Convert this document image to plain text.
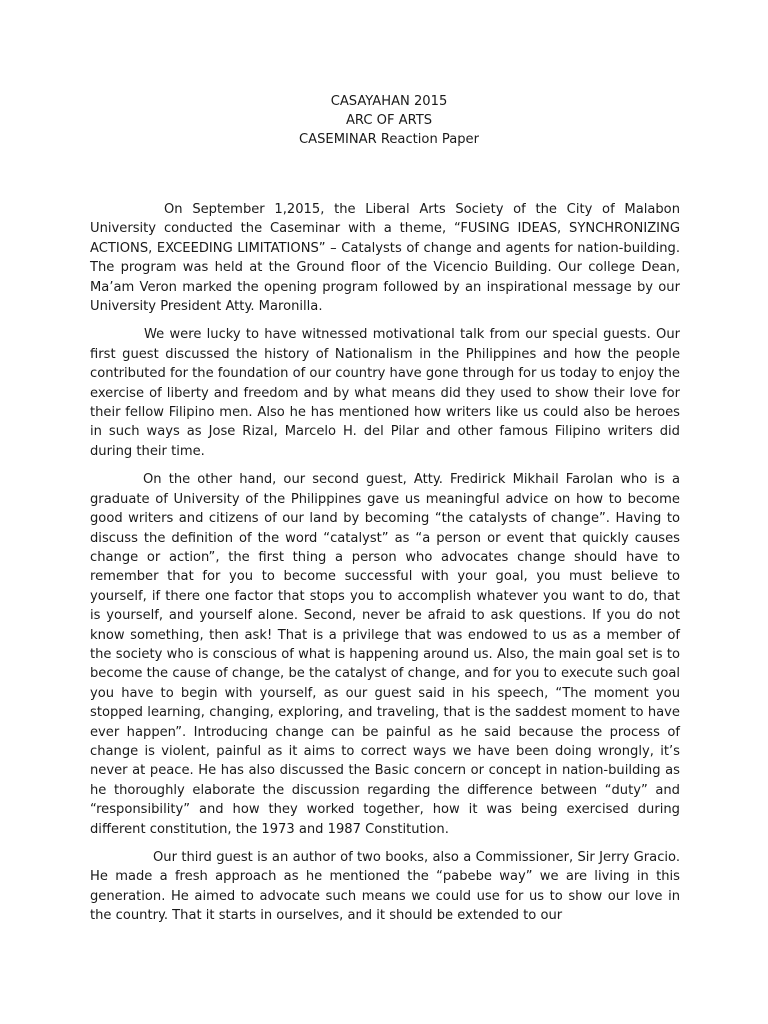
CASAYAHAN 2015
ARC OF ARTS
CASEMINAR Reaction Paper

On September 1,2015, the Liberal Arts Society of the City of Malabon University conducted the Caseminar with a theme, “FUSING IDEAS, SYNCHRONIZING ACTIONS, EXCEEDING LIMITATIONS” – Catalysts of change and agents for nation-building. The program was held at the Ground floor of the Vicencio Building. Our college Dean, Ma’am Veron marked the opening program followed by an inspirational message by our University President Atty. Maronilla.

We were lucky to have witnessed motivational talk from our special guests. Our first guest discussed the history of Nationalism in the Philippines and how the people contributed for the foundation of our country have gone through for us today to enjoy the exercise of liberty and freedom and by what means did they used to show their love for their fellow Filipino men. Also he has mentioned how writers like us could also be heroes in such ways as Jose Rizal, Marcelo H. del Pilar and other famous Filipino writers did during their time.

On the other hand, our second guest, Atty. Fredirick Mikhail Farolan who is a graduate of University of the Philippines gave us meaningful advice on how to become good writers and citizens of our land by becoming “the catalysts of change”. Having to discuss the definition of the word “catalyst” as “a person or event that quickly causes change or action”, the first thing a person who advocates change should have to remember that for you to become successful with your goal, you must believe to yourself, if there one factor that stops you to accomplish whatever you want to do, that is yourself, and yourself alone. Second, never be afraid to ask questions. If you do not know something, then ask! That is a privilege that was endowed to us as a member of the society who is conscious of what is happening around us. Also, the main goal set is to become the cause of change, be the catalyst of change, and for you to execute such goal you have to begin with yourself, as our guest said in his speech, “The moment you stopped learning, changing, exploring, and traveling, that is the saddest moment to have ever happen”. Introducing change can be painful as he said because the process of change is violent, painful as it aims to correct ways we have been doing wrongly, it’s never at peace. He has also discussed the Basic concern or concept in nation-building as he thoroughly elaborate the discussion regarding the difference between “duty” and “responsibility” and how they worked together, how it was being exercised during different constitution, the 1973 and 1987 Constitution.

Our third guest is an author of two books, also a Commissioner, Sir Jerry Gracio. He made a fresh approach as he mentioned the “pabebe way” we are living in this generation. He aimed to advocate such means we could use for us to show our love in the country. That it starts in ourselves, and it should be extended to our
